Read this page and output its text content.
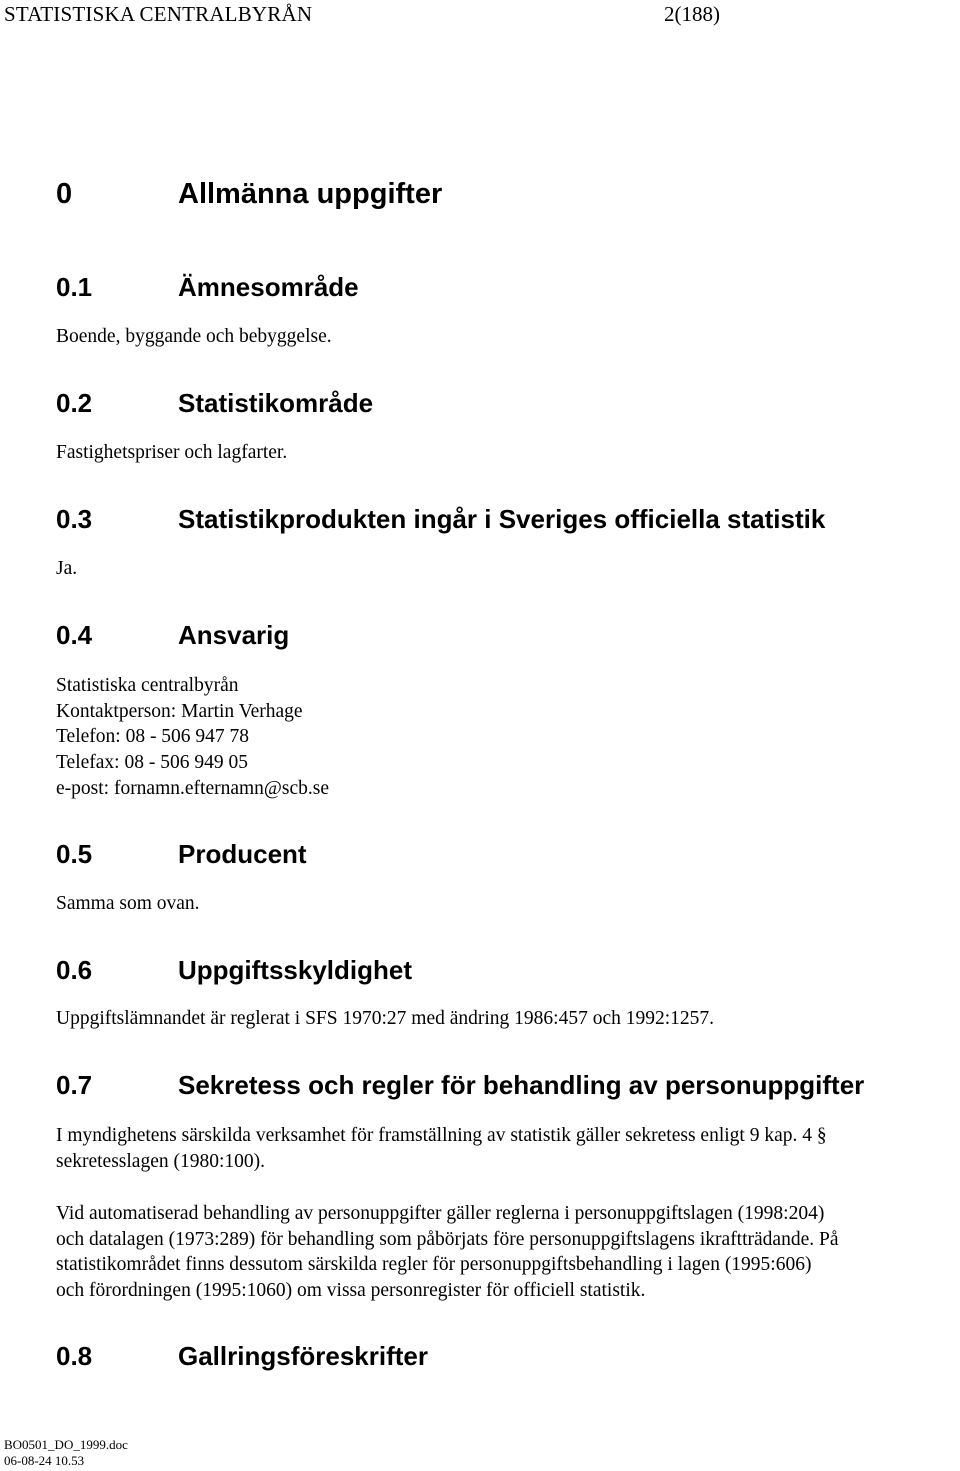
STATISTISKA CENTRALBYRÅN	2(188)
0	Allmänna uppgifter
0.1	Ämnesområde
Boende, byggande och bebyggelse.
0.2	Statistikområde
Fastighetspriser och lagfarter.
0.3	Statistikprodukten ingår i Sveriges officiella statistik
Ja.
0.4	Ansvarig
Statistiska centralbyrån
Kontaktperson: Martin Verhage
Telefon: 08 - 506 947 78
Telefax: 08 - 506 949 05
e-post: fornamn.efternamn@scb.se
0.5	Producent
Samma som ovan.
0.6	Uppgiftsskyldighet
Uppgiftslämnandet är reglerat i SFS 1970:27 med ändring 1986:457 och 1992:1257.
0.7	Sekretess och regler för behandling av personuppgifter
I myndighetens särskilda verksamhet för framställning av statistik gäller sekretess enligt 9 kap. 4 §
sekretesslagen (1980:100).
Vid automatiserad behandling av personuppgifter gäller reglerna i personuppgiftslagen (1998:204)
och datalagen (1973:289) för behandling som påbörjats före personuppgiftslagens ikraftträdande. På
statistikområdet finns dessutom särskilda regler för personuppgiftsbehandling i lagen (1995:606)
och förordningen (1995:1060) om vissa personregister för officiell statistik.
0.8	Gallringsföreskrifter
BO0501_DO_1999.doc
06-08-24 10.53
